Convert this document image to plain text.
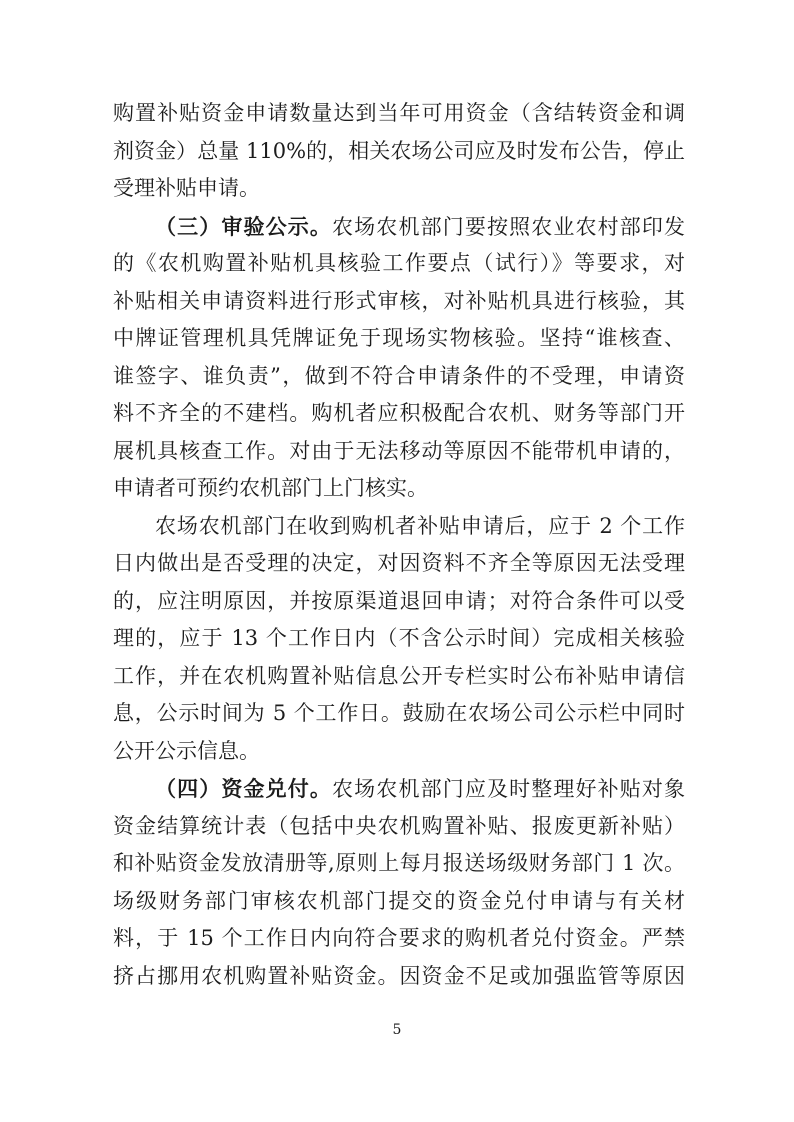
购置补贴资金申请数量达到当年可用资金（含结转资金和调
剂资金）总量 110%的，相关农场公司应及时发布公告，停止
受理补贴申请。
（三）审验公示。农场农机部门要按照农业农村部印发
的《农机购置补贴机具核验工作要点（试行）》等要求，对
补贴相关申请资料进行形式审核，对补贴机具进行核验，其
中牌证管理机具凭牌证免于现场实物核验。坚持“谁核查、
谁签字、谁负责”，做到不符合申请条件的不受理，申请资
料不齐全的不建档。购机者应积极配合农机、财务等部门开
展机具核查工作。对由于无法移动等原因不能带机申请的，
申请者可预约农机部门上门核实。
农场农机部门在收到购机者补贴申请后，应于 2 个工作
日内做出是否受理的决定，对因资料不齐全等原因无法受理
的，应注明原因，并按原渠道退回申请；对符合条件可以受
理的，应于 13 个工作日内（不含公示时间）完成相关核验
工作，并在农机购置补贴信息公开专栏实时公布补贴申请信
息，公示时间为 5 个工作日。鼓励在农场公司公示栏中同时
公开公示信息。
（四）资金兑付。农场农机部门应及时整理好补贴对象
资金结算统计表（包括中央农机购置补贴、报废更新补贴）
和补贴资金发放清册等,原则上每月报送场级财务部门 1 次。
场级财务部门审核农机部门提交的资金兑付申请与有关材
料，于 15 个工作日内向符合要求的购机者兑付资金。严禁
挤占挪用农机购置补贴资金。因资金不足或加强监管等原因
5
